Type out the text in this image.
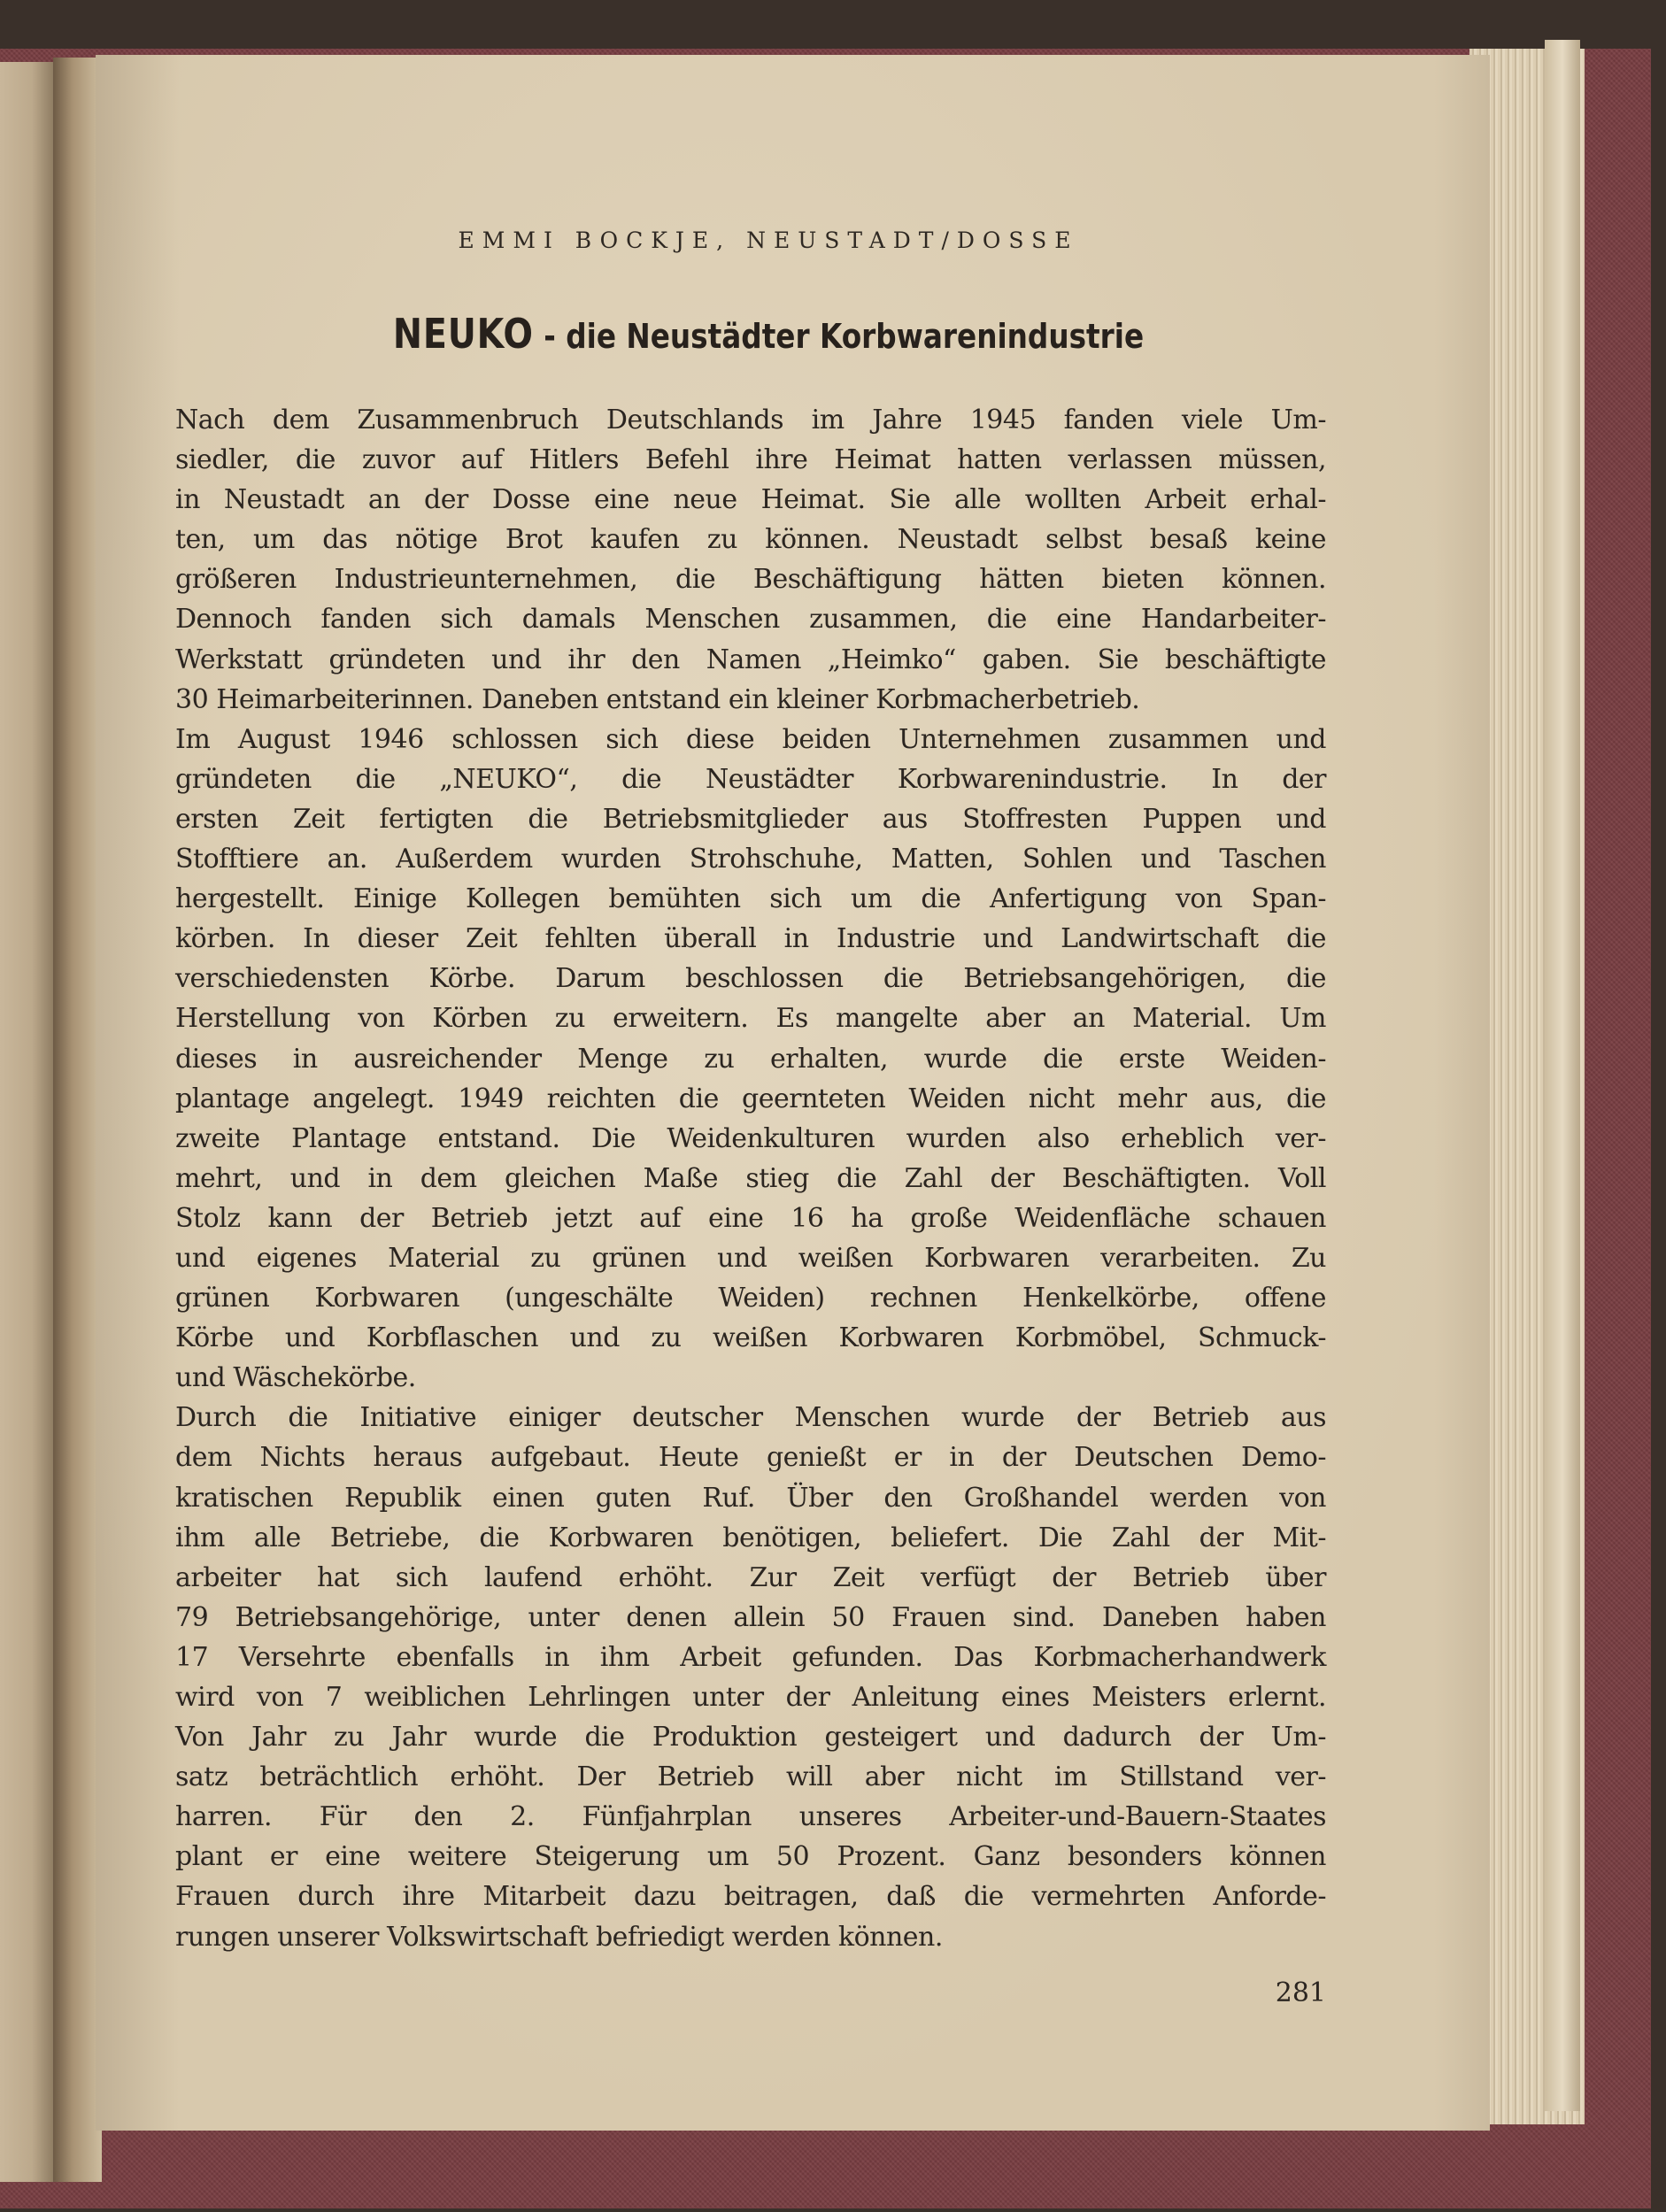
EMMI BOCKJE, NEUSTADT/DOSSE
NEUKO - die Neustädter Korbwarenindustrie
Nach dem Zusammenbruch Deutschlands im Jahre 1945 fanden viele Um-
siedler, die zuvor auf Hitlers Befehl ihre Heimat hatten verlassen müssen,
in Neustadt an der Dosse eine neue Heimat. Sie alle wollten Arbeit erhal-
ten, um das nötige Brot kaufen zu können. Neustadt selbst besaß keine
größeren Industrieunternehmen, die Beschäftigung hätten bieten können.
Dennoch fanden sich damals Menschen zusammen, die eine Handarbeiter-
Werkstatt gründeten und ihr den Namen „Heimko“ gaben. Sie beschäftigte
30 Heimarbeiterinnen. Daneben entstand ein kleiner Korbmacherbetrieb.
Im August 1946 schlossen sich diese beiden Unternehmen zusammen und
gründeten die „NEUKO“, die Neustädter Korbwarenindustrie. In der
ersten Zeit fertigten die Betriebsmitglieder aus Stoffresten Puppen und
Stofftiere an. Außerdem wurden Strohschuhe, Matten, Sohlen und Taschen
hergestellt. Einige Kollegen bemühten sich um die Anfertigung von Span-
körben. In dieser Zeit fehlten überall in Industrie und Landwirtschaft die
verschiedensten Körbe. Darum beschlossen die Betriebsangehörigen, die
Herstellung von Körben zu erweitern. Es mangelte aber an Material. Um
dieses in ausreichender Menge zu erhalten, wurde die erste Weiden-
plantage angelegt. 1949 reichten die geernteten Weiden nicht mehr aus, die
zweite Plantage entstand. Die Weidenkulturen wurden also erheblich ver-
mehrt, und in dem gleichen Maße stieg die Zahl der Beschäftigten. Voll
Stolz kann der Betrieb jetzt auf eine 16 ha große Weidenfläche schauen
und eigenes Material zu grünen und weißen Korbwaren verarbeiten. Zu
grünen Korbwaren (ungeschälte Weiden) rechnen Henkelkörbe, offene
Körbe und Korbflaschen und zu weißen Korbwaren Korbmöbel, Schmuck-
und Wäschekörbe.
Durch die Initiative einiger deutscher Menschen wurde der Betrieb aus
dem Nichts heraus aufgebaut. Heute genießt er in der Deutschen Demo-
kratischen Republik einen guten Ruf. Über den Großhandel werden von
ihm alle Betriebe, die Korbwaren benötigen, beliefert. Die Zahl der Mit-
arbeiter hat sich laufend erhöht. Zur Zeit verfügt der Betrieb über
79 Betriebsangehörige, unter denen allein 50 Frauen sind. Daneben haben
17 Versehrte ebenfalls in ihm Arbeit gefunden. Das Korbmacherhandwerk
wird von 7 weiblichen Lehrlingen unter der Anleitung eines Meisters erlernt.
Von Jahr zu Jahr wurde die Produktion gesteigert und dadurch der Um-
satz beträchtlich erhöht. Der Betrieb will aber nicht im Stillstand ver-
harren. Für den 2. Fünfjahrplan unseres Arbeiter-und-Bauern-Staates
plant er eine weitere Steigerung um 50 Prozent. Ganz besonders können
Frauen durch ihre Mitarbeit dazu beitragen, daß die vermehrten Anforde-
rungen unserer Volkswirtschaft befriedigt werden können.
281
